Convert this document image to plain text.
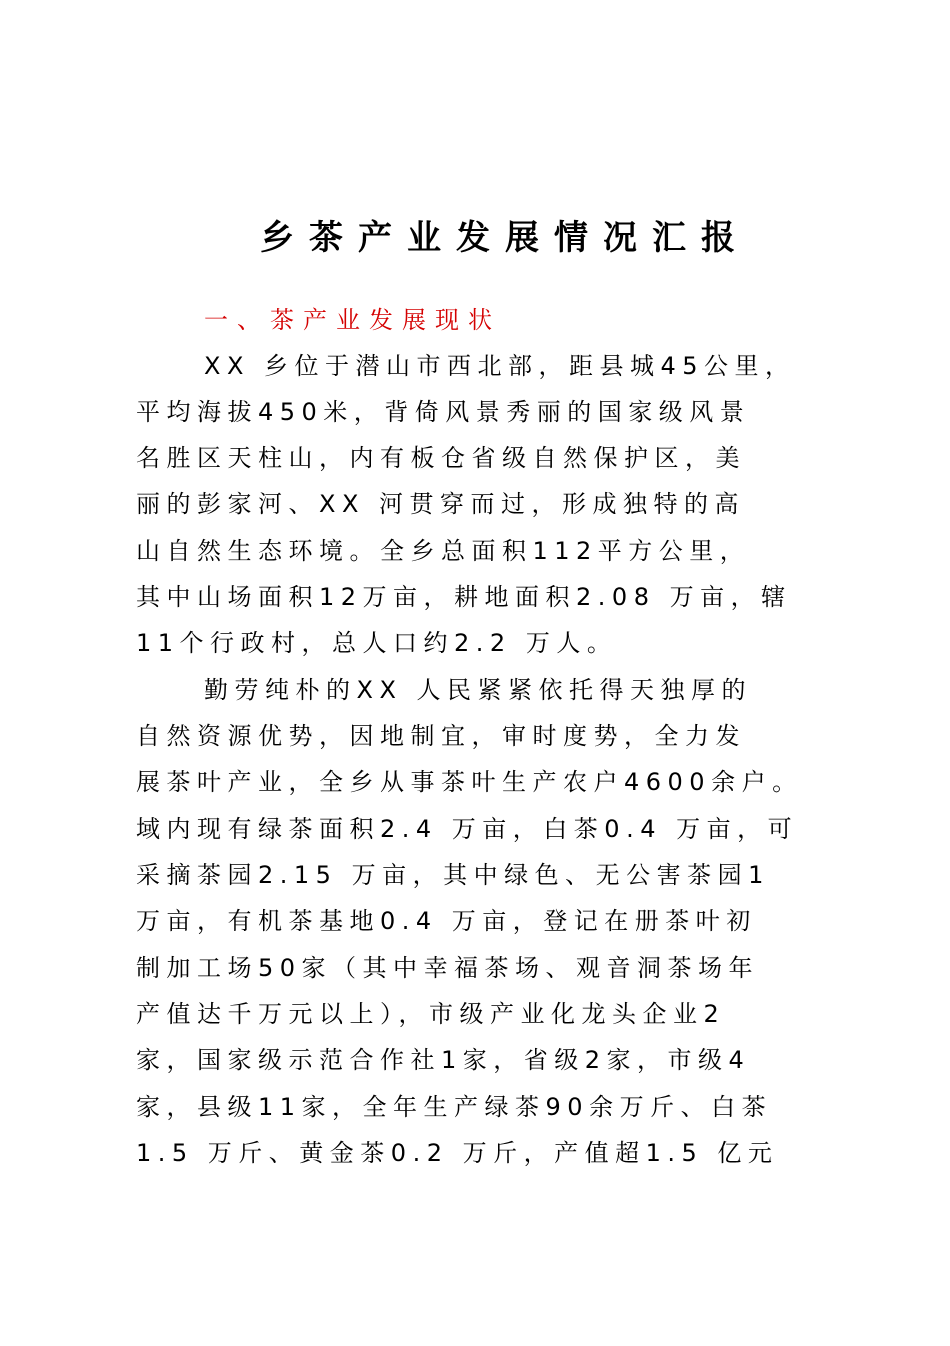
乡茶产业发展情况汇报
一、茶产业发展现状
XX 乡位于潜山市西北部，距县城45公里，
平均海拔450米，背倚风景秀丽的国家级风景
名胜区天柱山，内有板仓省级自然保护区，美
丽的彭家河、XX 河贯穿而过，形成独特的高
山自然生态环境。全乡总面积112平方公里，
其中山场面积12万亩，耕地面积2.08 万亩，辖
11个行政村，总人口约2.2 万人。
勤劳纯朴的XX 人民紧紧依托得天独厚的
自然资源优势，因地制宜，审时度势，全力发
展茶叶产业，全乡从事茶叶生产农户4600余户。
域内现有绿茶面积2.4 万亩，白茶0.4 万亩，可
采摘茶园2.15 万亩，其中绿色、无公害茶园1
万亩，有机茶基地0.4 万亩，登记在册茶叶初
制加工场50家（其中幸福茶场、观音洞茶场年
产值达千万元以上），市级产业化龙头企业2
家，国家级示范合作社1家，省级2家，市级4
家，县级11家，全年生产绿茶90余万斤、白茶
1.5 万斤、黄金茶0.2 万斤，产值超1.5 亿元
